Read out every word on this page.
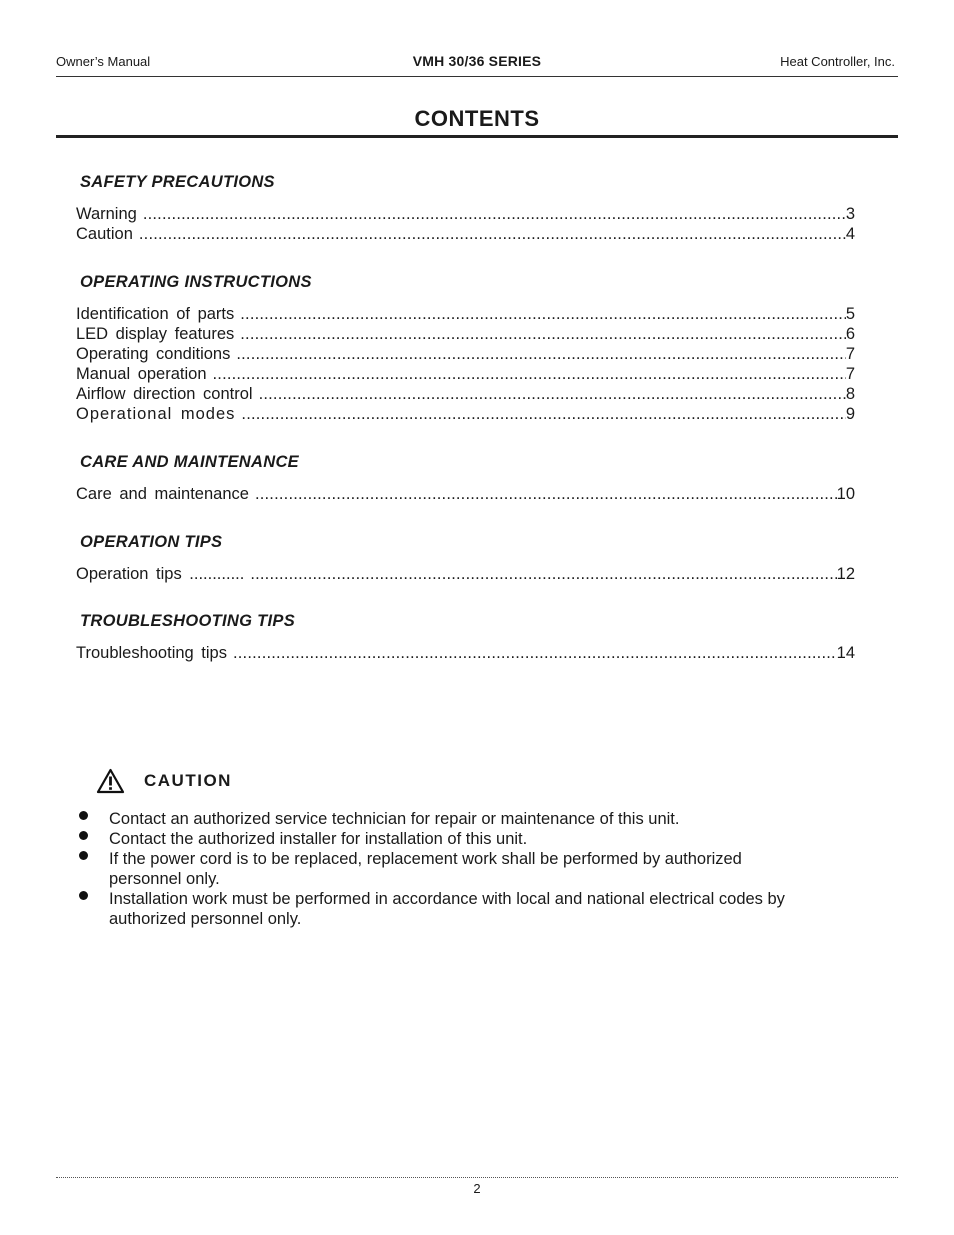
Owner’s Manual	VMH 30/36 SERIES	Heat Controller, Inc.
CONTENTS
SAFETY PRECAUTIONS
Warning .....	3
Caution .....	4
OPERATING INSTRUCTIONS
Identification of parts .....	5
LED display features .....	6
Operating conditions .....	7
Manual operation .....	7
Airflow direction control .....	8
Operational modes .....	9
CARE AND MAINTENANCE
Care and maintenance .....	10
OPERATION TIPS
Operation tips ............ .....	12
TROUBLESHOOTING TIPS
Troubleshooting tips .....	14
CAUTION
Contact an authorized service technician for repair or maintenance of this unit.
Contact the authorized installer for installation of this unit.
If the power cord is to be replaced, replacement work shall be performed by authorized personnel only.
Installation work must be performed in accordance with local and national electrical codes by authorized personnel only.
2
